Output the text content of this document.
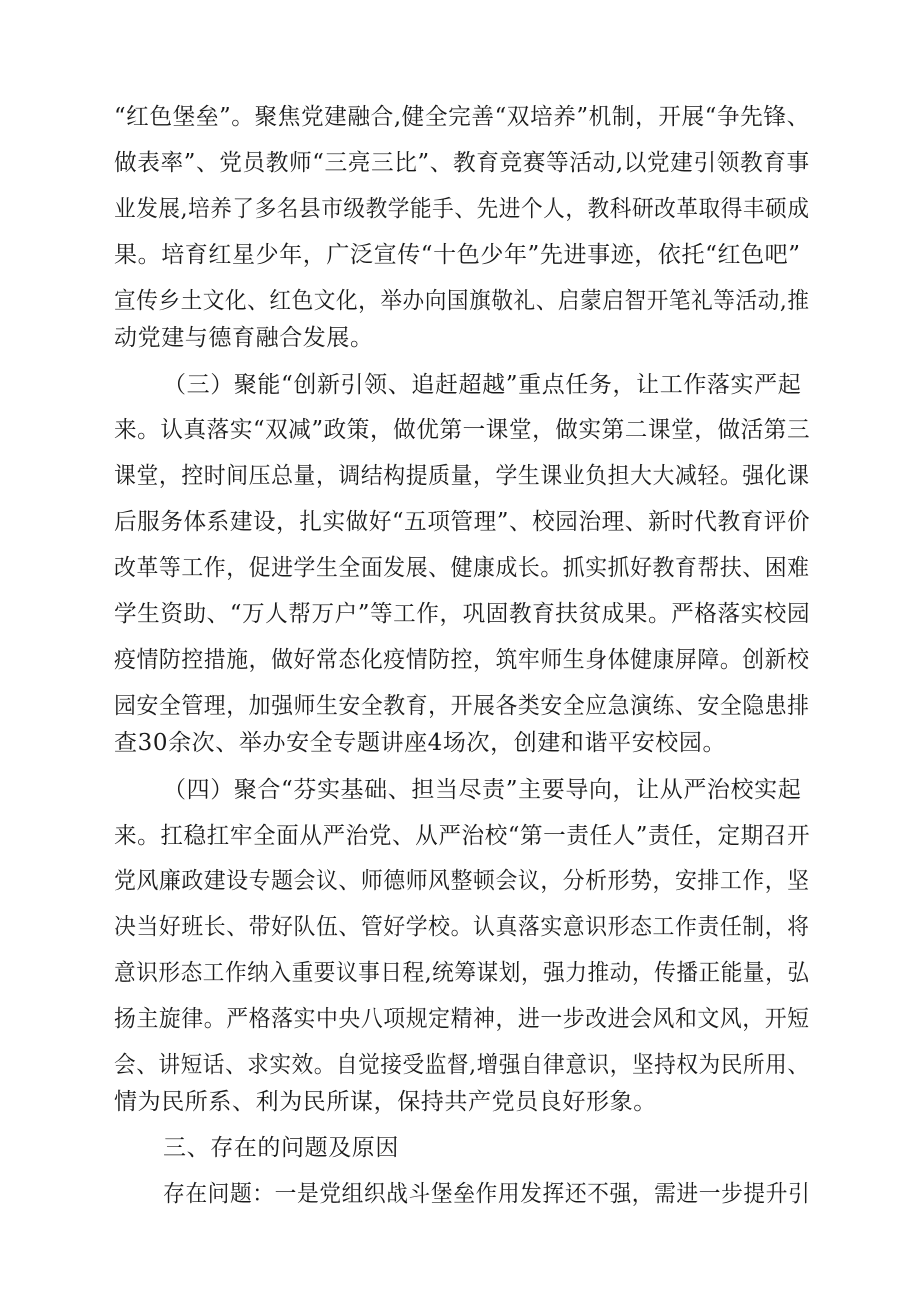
“红色堡垒”。聚焦党建融合,健全完善“双培养”机制，开展“争先锋、
做表率”、党员教师“三亮三比”、教育竞赛等活动,以党建引领教育事
业发展,培养了多名县市级教学能手、先进个人，教科研改革取得丰硕成
果。培育红星少年，广泛宣传“十色少年”先进事迹，依托“红色吧”
宣传乡土文化、红色文化，举办向国旗敬礼、启蒙启智开笔礼等活动,推
动党建与德育融合发展。
（三）聚能“创新引领、追赶超越”重点任务，让工作落实严起
来。认真落实“双减”政策，做优第一课堂，做实第二课堂，做活第三
课堂，控时间压总量，调结构提质量，学生课业负担大大减轻。强化课
后服务体系建设，扎实做好“五项管理”、校园治理、新时代教育评价
改革等工作，促进学生全面发展、健康成长。抓实抓好教育帮扶、困难
学生资助、“万人帮万户”等工作，巩固教育扶贫成果。严格落实校园
疫情防控措施，做好常态化疫情防控，筑牢师生身体健康屏障。创新校
园安全管理，加强师生安全教育，开展各类安全应急演练、安全隐患排
查30余次、举办安全专题讲座4场次，创建和谐平安校园。
（四）聚合“芬实基础、担当尽责”主要导向，让从严治校实起
来。扛稳扛牢全面从严治党、从严治校“第一责任人”责任，定期召开
党风廉政建设专题会议、师德师风整顿会议，分析形势，安排工作，坚
决当好班长、带好队伍、管好学校。认真落实意识形态工作责任制，将
意识形态工作纳入重要议事日程,统筹谋划，强力推动，传播正能量，弘
扬主旋律。严格落实中央八项规定精神，进一步改进会风和文风，开短
会、讲短话、求实效。自觉接受监督,增强自律意识，坚持权为民所用、
情为民所系、利为民所谋，保持共产党员良好形象。
三、存在的问题及原因
存在问题：一是党组织战斗堡垒作用发挥还不强，需进一步提升引
